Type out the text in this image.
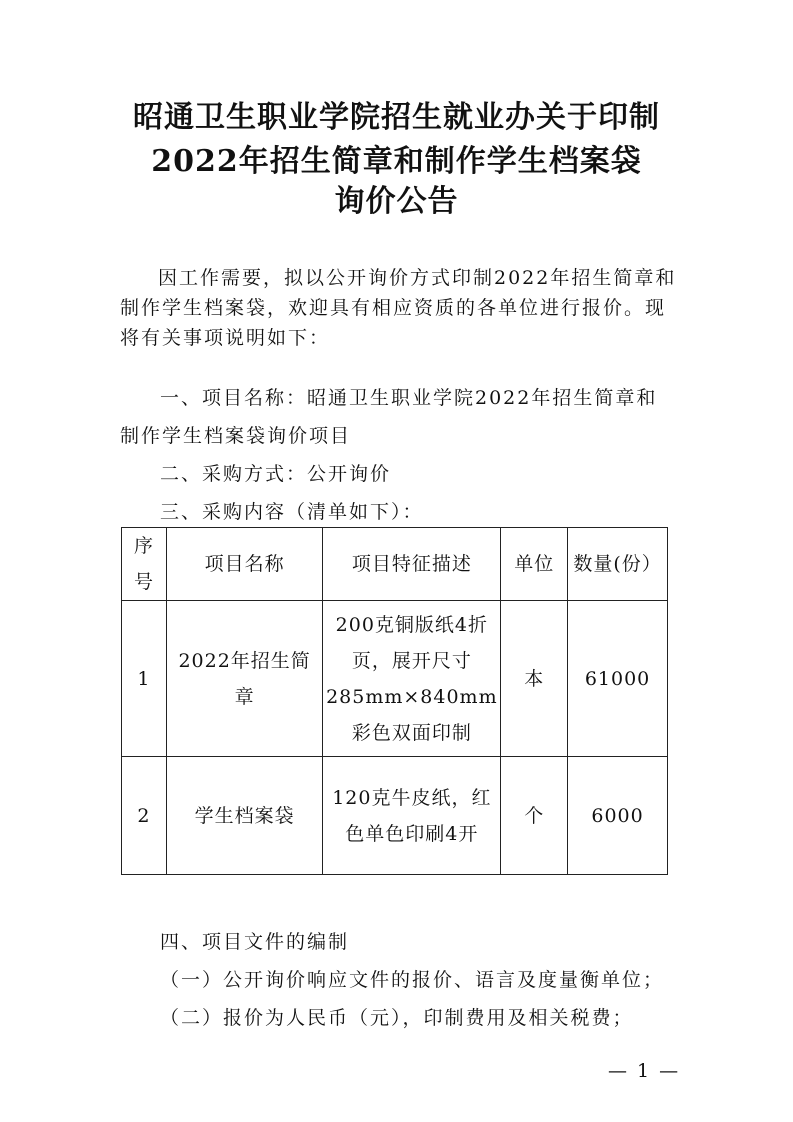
昭通卫生职业学院招生就业办关于印制
2022年招生简章和制作学生档案袋
询价公告

因工作需要，拟以公开询价方式印制2022年招生简章和制作学生档案袋，欢迎具有相应资质的各单位进行报价。现将有关事项说明如下：

一、项目名称：昭通卫生职业学院2022年招生简章和
制作学生档案袋询价项目
二、采购方式：公开询价
三、采购内容（清单如下）：
序号	项目名称	项目特征描述	单位	数量(份）
1	2022年招生简章	200克铜版纸4折
页，展开尺寸
285mm×840mm
彩色双面印制	本	61000
2	学生档案袋	120克牛皮纸，红
色单色印刷4开	个	6000
四、项目文件的编制
（一）公开询价响应文件的报价、语言及度量衡单位；
（二）报价为人民币（元），印制费用及相关税费；
— 1 —
